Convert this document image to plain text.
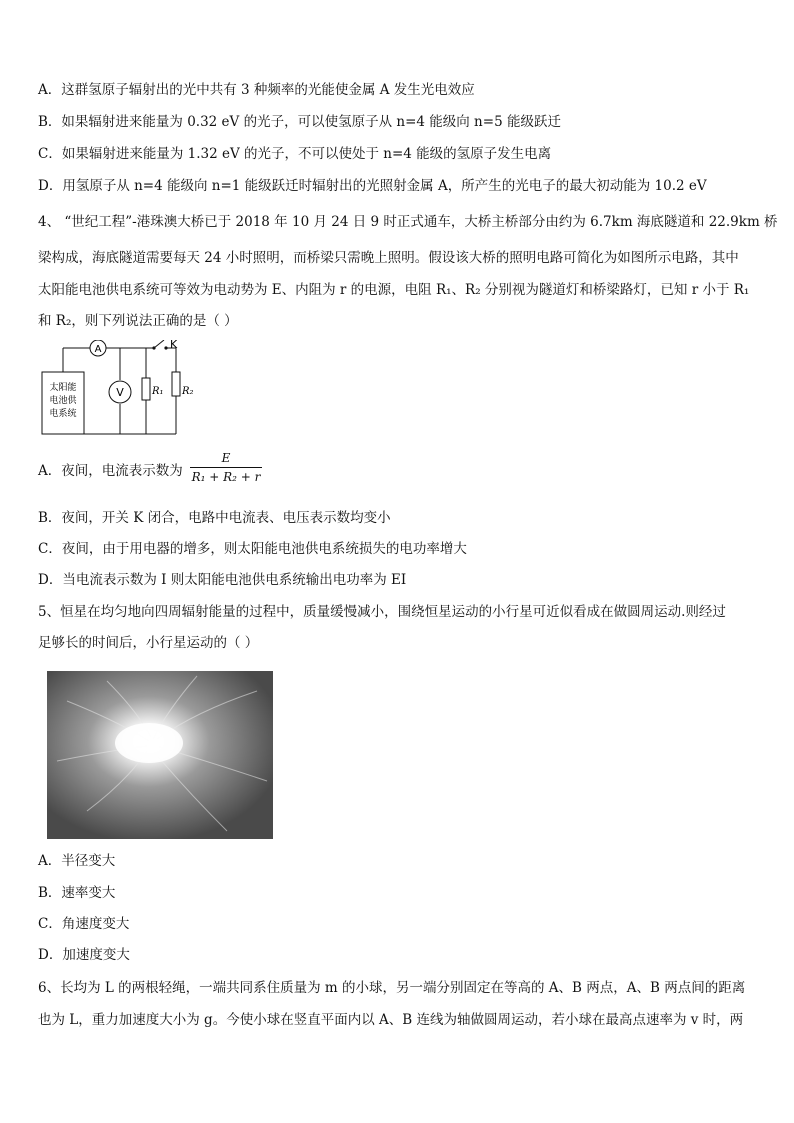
A．这群氢原子辐射出的光中共有 3 种频率的光能使金属 A 发生光电效应
B．如果辐射进来能量为 0.32 eV 的光子，可以使氢原子从 n=4 能级向 n=5 能级跃迁
C．如果辐射进来能量为 1.32 eV 的光子，不可以使处于 n=4 能级的氢原子发生电离
D．用氢原子从 n=4 能级向 n=1 能级跃迁时辐射出的光照射金属 A，所产生的光电子的最大初动能为 10.2 eV
4、 “世纪工程”-港珠澳大桥已于 2018 年 10 月 24 日 9 时正式通车，大桥主桥部分由约为 6.7km 海底隧道和 22.9km 桥
梁构成，海底隧道需要每天 24 小时照明，而桥梁只需晚上照明。假设该大桥的照明电路可简化为如图所示电路，其中
太阳能电池供电系统可等效为电动势为 E、内阻为 r 的电源，电阻 R₁、R₂ 分别视为隧道灯和桥梁路灯，已知 r 小于 R₁
和 R₂，则下列说法正确的是（ ）
A
V
K
R₁ R₂
太阳能
电池供
电系统
A．夜间，电流表示数为
E
R₁ + R₂ + r
B．夜间，开关 K 闭合，电路中电流表、电压表示数均变小
C．夜间，由于用电器的增多，则太阳能电池供电系统损失的电功率增大
D．当电流表示数为 I 则太阳能电池供电系统输出电功率为 EI
5、恒星在均匀地向四周辐射能量的过程中，质量缓慢减小，围绕恒星运动的小行星可近似看成在做圆周运动.则经过
足够长的时间后，小行星运动的（ ）
A．半径变大
B．速率变大
C．角速度变大
D．加速度变大
6、长均为 L 的两根轻绳，一端共同系住质量为 m 的小球，另一端分别固定在等高的 A、B 两点，A、B 两点间的距离
也为 L，重力加速度大小为 g。今使小球在竖直平面内以 A、B 连线为轴做圆周运动，若小球在最高点速率为 v 时，两
